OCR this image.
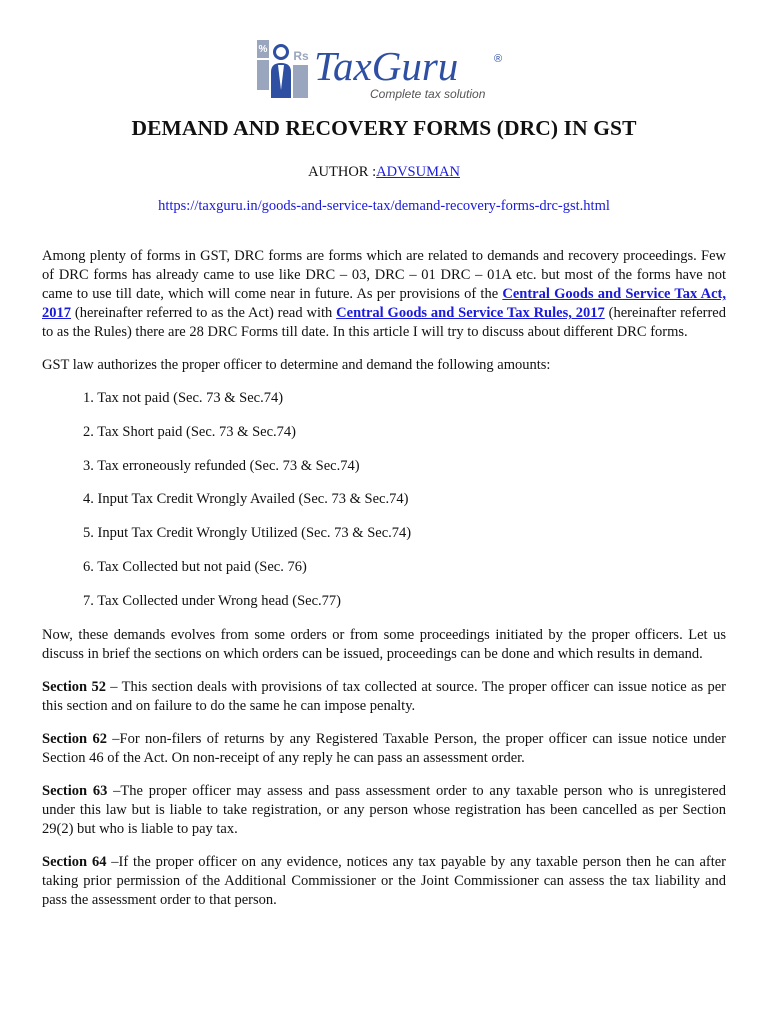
% Rs TaxGuru	®
Complete tax solution
DEMAND AND RECOVERY FORMS (DRC) IN GST
AUTHOR :ADVSUMAN
https://taxguru.in/goods-and-service-tax/demand-recovery-forms-drc-gst.html

Among plenty of forms in GST, DRC forms are forms which are related to demands and recovery proceedings. Few of DRC forms has already came to use like DRC – 03, DRC – 01 DRC – 01A etc. but most of the forms have not came to use till date, which will come near in future. As per provisions of the Central Goods and Service Tax Act, 2017 (hereinafter referred to as the Act) read with Central Goods and Service Tax Rules, 2017 (hereinafter referred to as the Rules) there are 28 DRC Forms till date. In this article I will try to discuss about different DRC forms.

GST law authorizes the proper officer to determine and demand the following amounts:

1. Tax not paid (Sec. 73 & Sec.74)
2. Tax Short paid (Sec. 73 & Sec.74)
3. Tax erroneously refunded (Sec. 73 & Sec.74)
4. Input Tax Credit Wrongly Availed (Sec. 73 & Sec.74)
5. Input Tax Credit Wrongly Utilized (Sec. 73 & Sec.74)
6. Tax Collected but not paid (Sec. 76)
7. Tax Collected under Wrong head (Sec.77)

Now, these demands evolves from some orders or from some proceedings initiated by the proper officers. Let us discuss in brief the sections on which orders can be issued, proceedings can be done and which results in demand.

Section 52 – This section deals with provisions of tax collected at source. The proper officer can issue notice as per this section and on failure to do the same he can impose penalty.

Section 62 –For non-filers of returns by any Registered Taxable Person, the proper officer can issue notice under Section 46 of the Act. On non-receipt of any reply he can pass an assessment order.

Section 63 –The proper officer may assess and pass assessment order to any taxable person who is unregistered under this law but is liable to take registration, or any person whose registration has been cancelled as per Section 29(2) but who is liable to pay tax.

Section 64 –If the proper officer on any evidence, notices any tax payable by any taxable person then he can after taking prior permission of the Additional Commissioner or the Joint Commissioner can assess the tax liability and pass the assessment order to that person.
